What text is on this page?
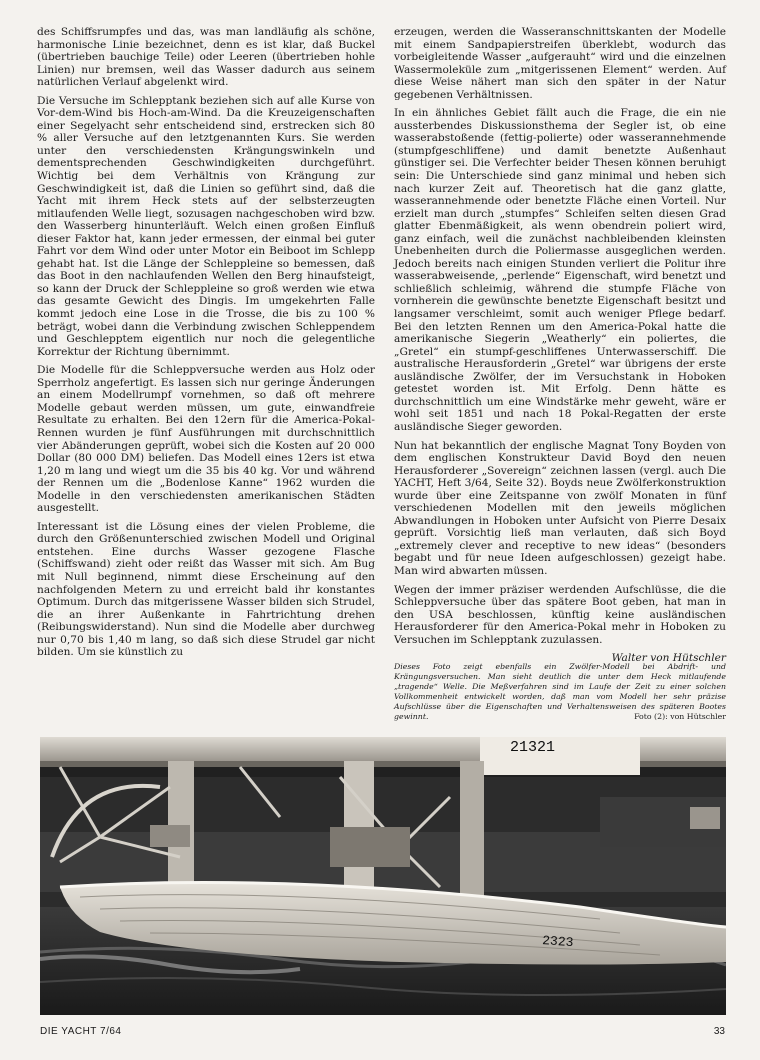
des Schiffsrumpfes und das, was man landläufig als schöne, harmonische Linie bezeichnet, denn es ist klar, daß Buckel (übertrieben bauchige Teile) oder Leeren (übertrieben hohle Linien) nur bremsen, weil das Wasser dadurch aus seinem natürlichen Verlauf abgelenkt wird.

Die Versuche im Schlepptank beziehen sich auf alle Kurse von Vor-dem-Wind bis Hoch-am-Wind. Da die Kreuzeigenschaften einer Segelyacht sehr entscheidend sind, erstrecken sich 80 % aller Versuche auf den letztgenannten Kurs. Sie werden unter den verschiedensten Krängungswinkeln und dementsprechenden Geschwindigkeiten durchgeführt. Wichtig bei dem Verhältnis von Krängung zur Geschwindigkeit ist, daß die Linien so geführt sind, daß die Yacht mit ihrem Heck stets auf der selbsterzeugten mitlaufenden Welle liegt, sozusagen nachgeschoben wird bzw. den Wasserberg hinunterläuft. Welch einen großen Einfluß dieser Faktor hat, kann jeder ermessen, der einmal bei guter Fahrt vor dem Wind oder unter Motor ein Beiboot im Schlepp gehabt hat. Ist die Länge der Schleppleine so bemessen, daß das Boot in den nachlaufenden Wellen den Berg hinaufsteigt, so kann der Druck der Schleppleine so groß werden wie etwa das gesamte Gewicht des Dingis. Im umgekehrten Falle kommt jedoch eine Lose in die Trosse, die bis zu 100 % beträgt, wobei dann die Verbindung zwischen Schleppendem und Geschlepptem eigentlich nur noch die gelegentliche Korrektur der Richtung übernimmt.

Die Modelle für die Schleppversuche werden aus Holz oder Sperrholz angefertigt. Es lassen sich nur geringe Änderungen an einem Modellrumpf vornehmen, so daß oft mehrere Modelle gebaut werden müssen, um gute, einwandfreie Resultate zu erhalten. Bei den 12ern für die America-Pokal-Rennen wurden je fünf Ausführungen mit durchschnittlich vier Abänderungen geprüft, wobei sich die Kosten auf 20 000 Dollar (80 000 DM) beliefen. Das Modell eines 12ers ist etwa 1,20 m lang und wiegt um die 35 bis 40 kg. Vor und während der Rennen um die „Bodenlose Kanne“ 1962 wurden die Modelle in den verschiedensten amerikanischen Städten ausgestellt.

Interessant ist die Lösung eines der vielen Probleme, die durch den Größenunterschied zwischen Modell und Original entstehen. Eine durchs Wasser gezogene Flasche (Schiffswand) zieht oder reißt das Wasser mit sich. Am Bug mit Null beginnend, nimmt diese Erscheinung auf den nachfolgenden Metern zu und erreicht bald ihr konstantes Optimum. Durch das mitgerissene Wasser bilden sich Strudel, die an ihrer Außenkante in Fahrtrichtung drehen (Reibungswiderstand). Nun sind die Modelle aber durchweg nur 0,70 bis 1,40 m lang, so daß sich diese Strudel gar nicht bilden. Um sie künstlich zu

erzeugen, werden die Wasseranschnittskanten der Modelle mit einem Sandpapierstreifen überklebt, wodurch das vorbeigleitende Wasser „aufgerauht“ wird und die einzelnen Wassermoleküle zum „mitgerissenen Element“ werden. Auf diese Weise nähert man sich den später in der Natur gegebenen Verhältnissen.

In ein ähnliches Gebiet fällt auch die Frage, die ein nie aussterbendes Diskussionsthema der Segler ist, ob eine wasserabstoßende (fettig-polierte) oder wasserannehmende (stumpfgeschliffene) und damit benetzte Außenhaut günstiger sei. Die Verfechter beider Thesen können beruhigt sein: Die Unterschiede sind ganz minimal und heben sich nach kurzer Zeit auf. Theoretisch hat die ganz glatte, wasserannehmende oder benetzte Fläche einen Vorteil. Nur erzielt man durch „stumpfes“ Schleifen selten diesen Grad glatter Ebenmäßigkeit, als wenn obendrein poliert wird, ganz einfach, weil die zunächst nachbleibenden kleinsten Unebenheiten durch die Poliermasse ausgeglichen werden. Jedoch bereits nach einigen Stunden verliert die Politur ihre wasserabweisende, „perlende“ Eigenschaft, wird benetzt und schließlich schleimig, während die stumpfe Fläche von vornherein die gewünschte benetzte Eigenschaft besitzt und langsamer verschleimt, somit auch weniger Pflege bedarf. Bei den letzten Rennen um den America-Pokal hatte die amerikanische Siegerin „Weatherly“ ein poliertes, die „Gretel“ ein stumpf-geschliffenes Unterwasserschiff. Die australische Herausforderin „Gretel“ war übrigens der erste ausländische Zwölfer, der im Versuchstank in Hoboken getestet worden ist. Mit Erfolg. Denn hätte es durchschnittlich um eine Windstärke mehr geweht, wäre er wohl seit 1851 und nach 18 Pokal-Regatten der erste ausländische Sieger geworden.

Nun hat bekanntlich der englische Magnat Tony Boyden von dem englischen Konstrukteur David Boyd den neuen Herausforderer „Sovereign“ zeichnen lassen (vergl. auch Die YACHT, Heft 3/64, Seite 32). Boyds neue Zwölferkonstruktion wurde über eine Zeitspanne von zwölf Monaten in fünf verschiedenen Modellen mit den jeweils möglichen Abwandlungen in Hoboken unter Aufsicht von Pierre Desaix geprüft. Vorsichtig ließ man verlauten, daß sich Boyd „extremely clever and receptive to new ideas“ (besonders begabt und für neue Ideen aufgeschlossen) gezeigt habe. Man wird abwarten müssen.

Wegen der immer präziser werdenden Aufschlüsse, die die Schleppversuche über das spätere Boot geben, hat man in den USA beschlossen, künftig keine ausländischen Herausforderer für den America-Pokal mehr in Hoboken zu Versuchen im Schlepptank zuzulassen.

Walter von Hütschler

Dieses Foto zeigt ebenfalls ein Zwölfer-Modell bei Abdrift- und Krängungsversuchen. Man sieht deutlich die unter dem Heck mitlaufende „tragende“ Welle. Die Meßverfahren sind im Laufe der Zeit zu einer solchen Vollkommenheit entwickelt worden, daß man vom Modell her sehr präzise Aufschlüsse über die Eigenschaften und Verhaltensweisen des späteren Bootes gewinnt.	Foto (2): von Hütschler
21321
2323
DIE YACHT 7/64	33
